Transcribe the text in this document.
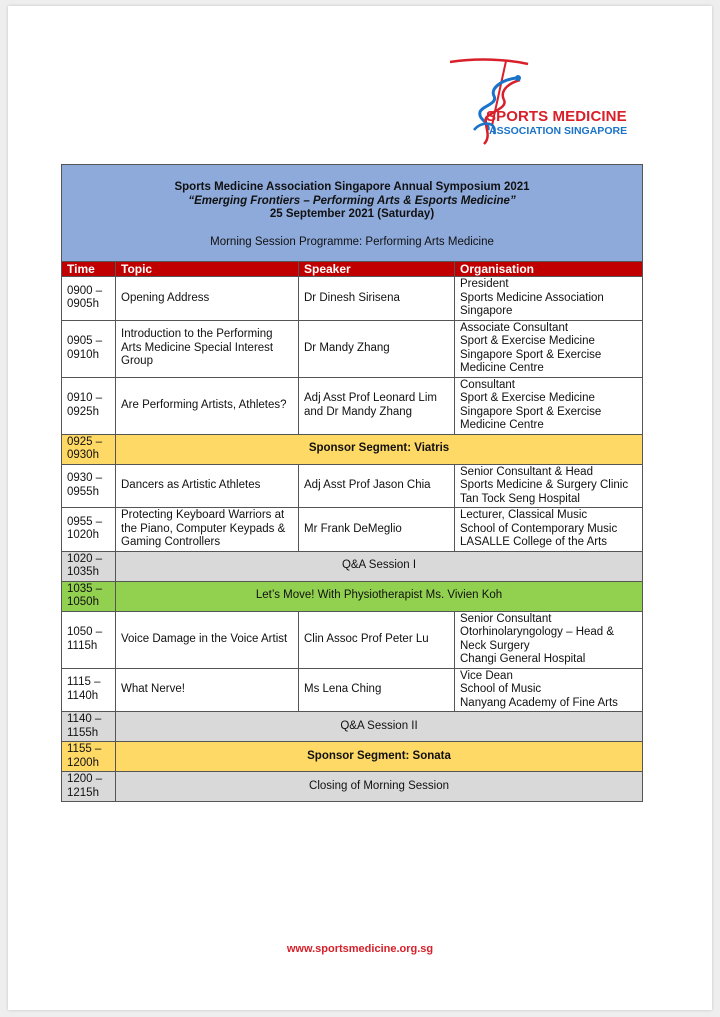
SPORTS MEDICINE
ASSOCIATION SINGAPORE
Sports Medicine Association Singapore Annual Symposium 2021
“Emerging Frontiers – Performing Arts & Esports Medicine”
25 September 2021 (Saturday)
Morning Session Programme: Performing Arts Medicine			

Time	Topic	Speaker	Organisation
0900 –
0905h	Opening Address	Dr Dinesh Sirisena	President
Sports Medicine Association
Singapore
0905 –
0910h	Introduction to the Performing Arts Medicine Special Interest Group	Dr Mandy Zhang	Associate Consultant
Sport & Exercise Medicine
Singapore Sport & Exercise
Medicine Centre
0910 –
0925h	Are Performing Artists, Athletes?	Adj Asst Prof Leonard Lim and Dr Mandy Zhang	Consultant
Sport & Exercise Medicine
Singapore Sport & Exercise
Medicine Centre
0925 –
0930h	Sponsor Segment: Viatris		
0930 –
0955h	Dancers as Artistic Athletes	Adj Asst Prof Jason Chia	Senior Consultant & Head
Sports Medicine & Surgery Clinic
Tan Tock Seng Hospital
0955 –
1020h	Protecting Keyboard Warriors at the Piano, Computer Keypads & Gaming Controllers	Mr Frank DeMeglio	Lecturer, Classical Music
School of Contemporary Music
LASALLE College of the Arts
1020 –
1035h	Q&A Session I		
1035 –
1050h	Let’s Move! With Physiotherapist Ms. Vivien Koh		
1050 –
1115h	Voice Damage in the Voice Artist	Clin Assoc Prof Peter Lu	Senior Consultant
Otorhinolaryngology – Head &
Neck Surgery
Changi General Hospital
1115 –
1140h	What Nerve!	Ms Lena Ching	Vice Dean
School of Music
Nanyang Academy of Fine Arts
1140 –
1155h	Q&A Session II		
1155 –
1200h	Sponsor Segment: Sonata		
1200 –
1215h	Closing of Morning Session		
www.sportsmedicine.org.sg
